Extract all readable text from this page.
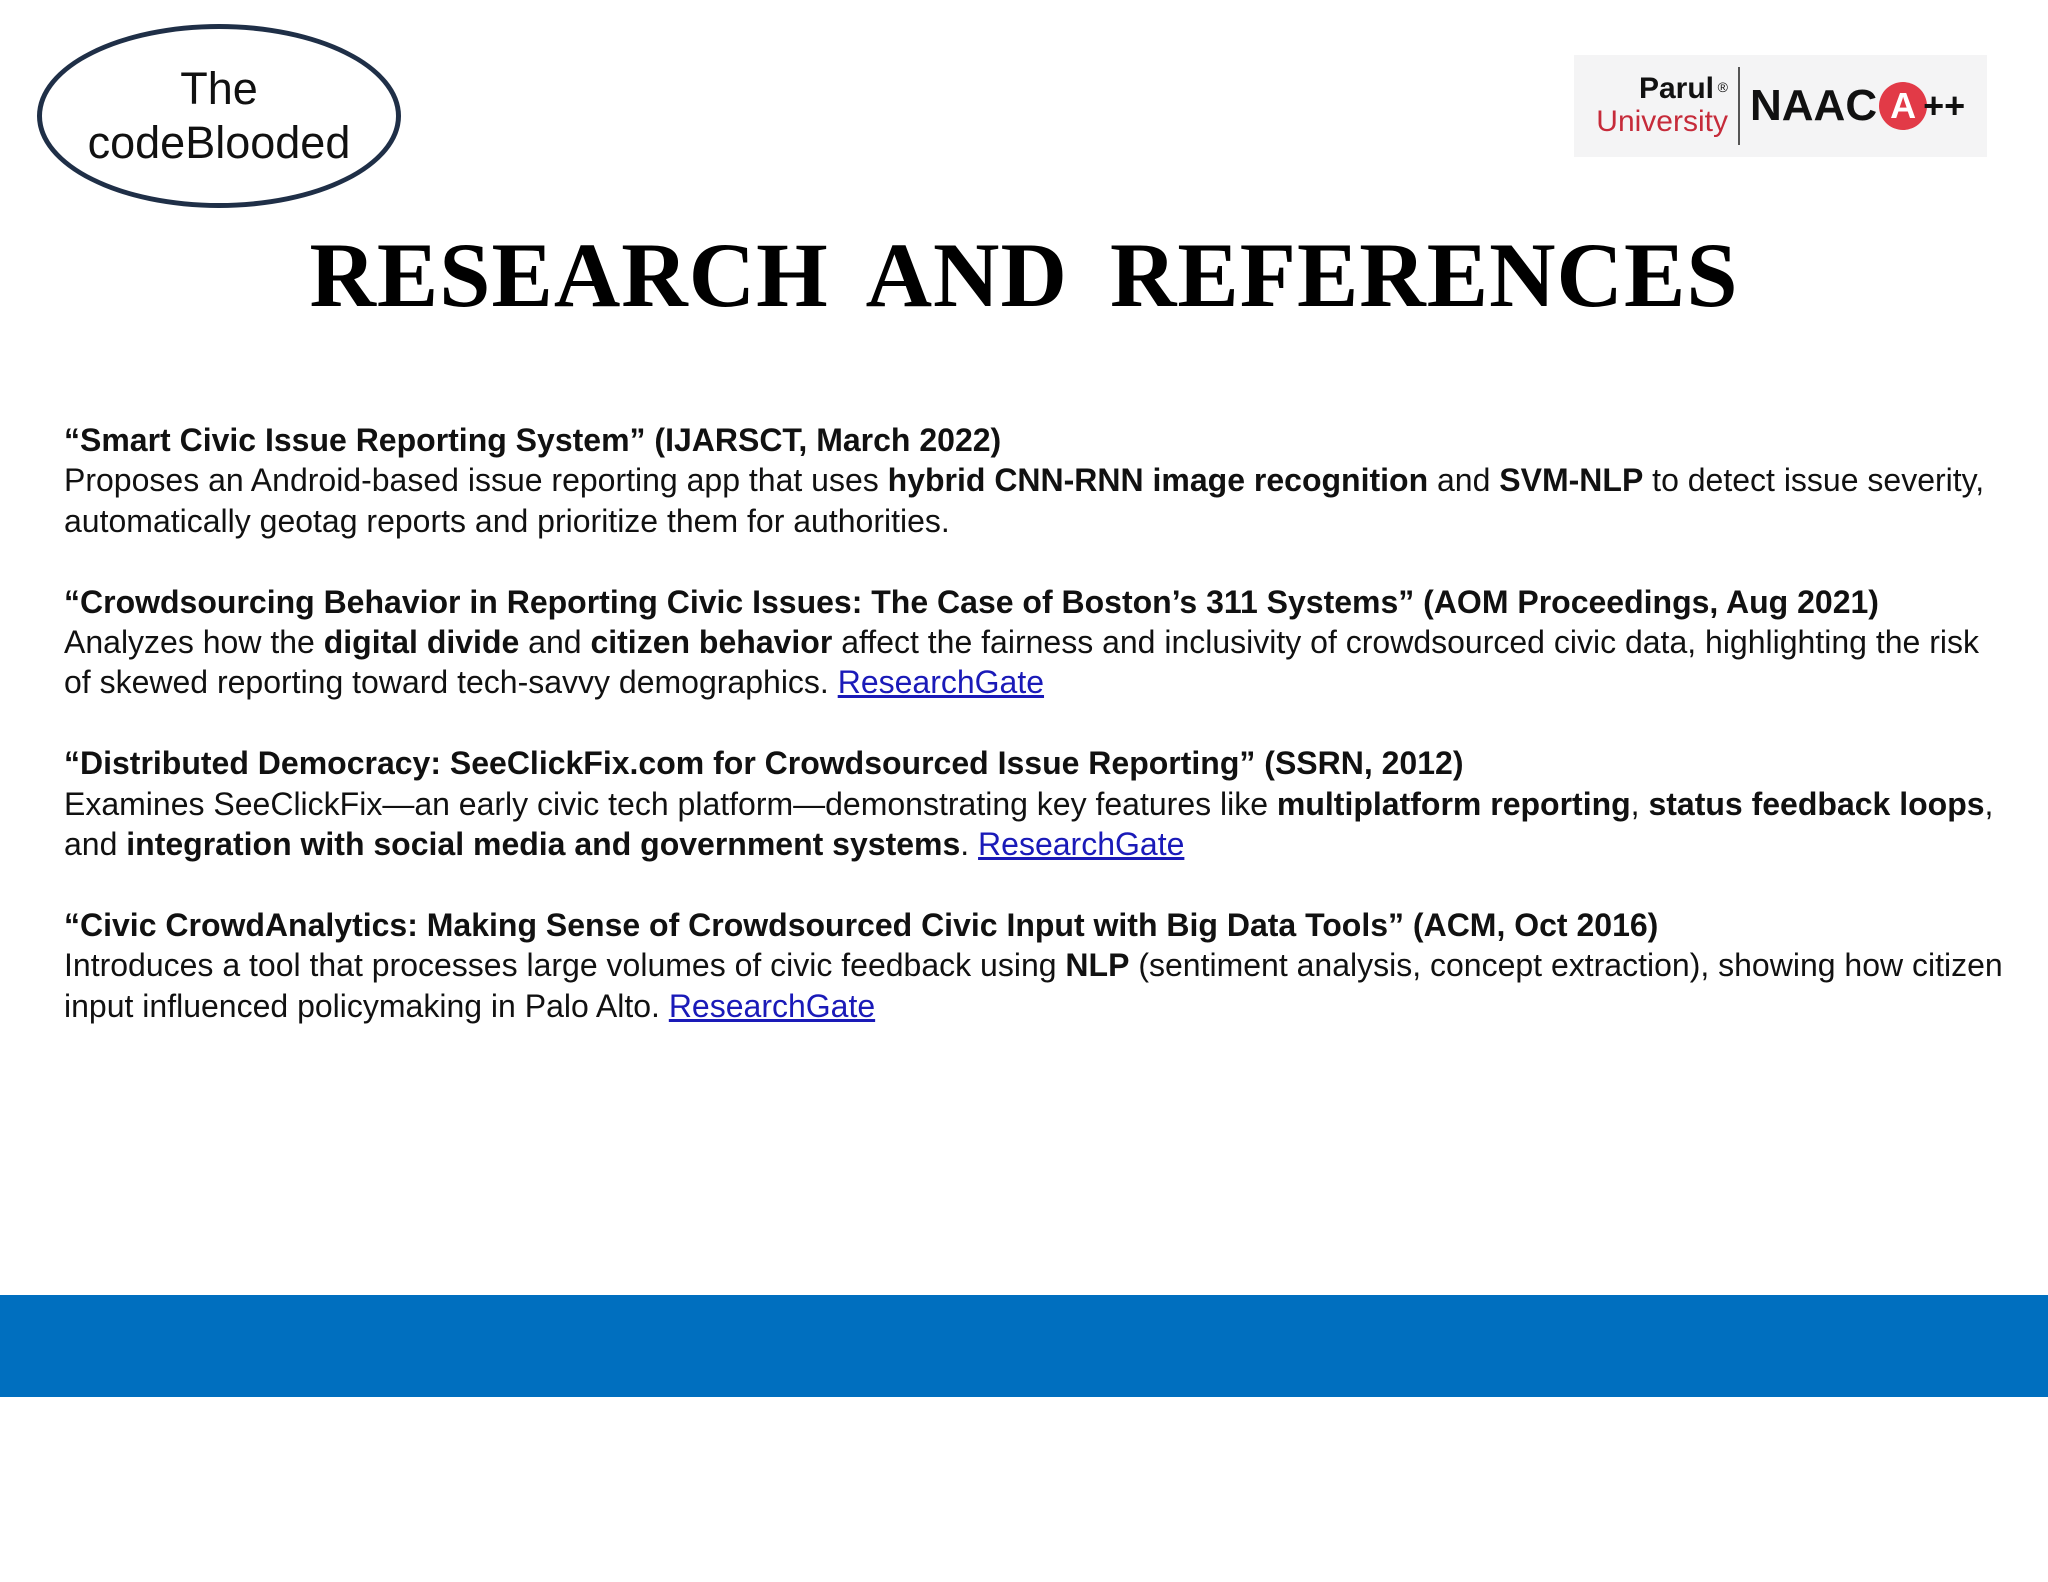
The
codeBlooded
Parul ®
University NAAC A ++
RESEARCH AND REFERENCES
“Smart Civic Issue Reporting System” (IJARSCT, March 2022)
Proposes an Android-based issue reporting app that uses hybrid CNN-RNN image recognition and SVM-NLP to detect issue severity, automatically geotag reports and prioritize them for authorities.
“Crowdsourcing Behavior in Reporting Civic Issues: The Case of Boston’s 311 Systems” (AOM Proceedings, Aug 2021)
Analyzes how the digital divide and citizen behavior affect the fairness and inclusivity of crowdsourced civic data, highlighting the risk of skewed reporting toward tech-savvy demographics. ResearchGate
“Distributed Democracy: SeeClickFix.com for Crowdsourced Issue Reporting” (SSRN, 2012)
Examines SeeClickFix—an early civic tech platform—demonstrating key features like multiplatform reporting, status feedback loops, and integration with social media and government systems. ResearchGate
“Civic CrowdAnalytics: Making Sense of Crowdsourced Civic Input with Big Data Tools” (ACM, Oct 2016)
Introduces a tool that processes large volumes of civic feedback using NLP (sentiment analysis, concept extraction), showing how citizen input influenced policymaking in Palo Alto. ResearchGate
